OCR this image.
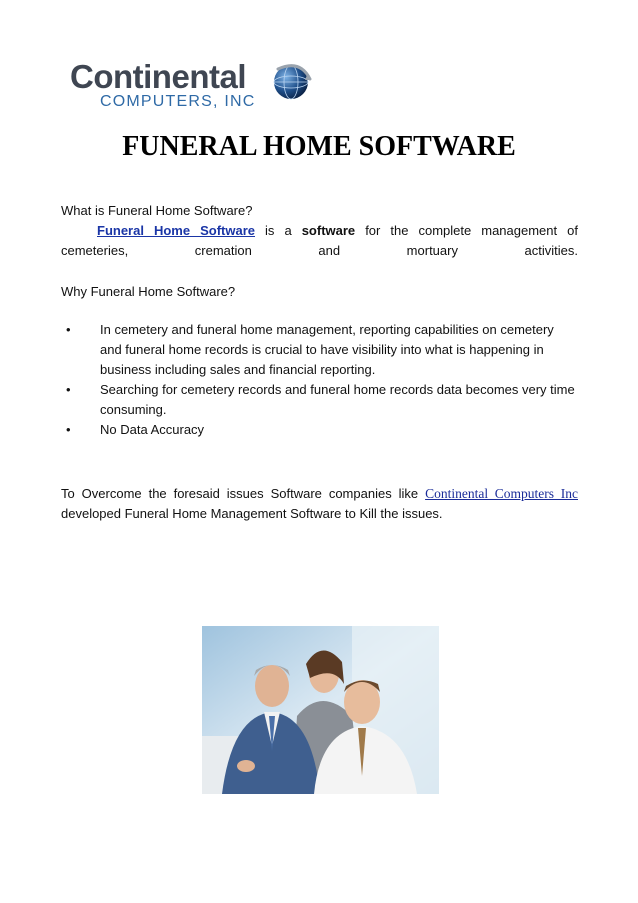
Continental
COMPUTERS, INC
FUNERAL HOME SOFTWARE
What is Funeral Home Software?
Funeral Home Software is a software for the complete management of cemeteries, cremation and mortuary activities.
Why Funeral Home Software?
• In cemetery and funeral home management, reporting capabilities on cemetery and funeral home records is crucial to have visibility into what is happening in business including sales and financial reporting.
• Searching for cemetery records and funeral home records data becomes very time consuming.
• No Data Accuracy
To Overcome the foresaid issues Software companies like Continental Computers Inc developed Funeral Home Management Software to Kill the issues.
